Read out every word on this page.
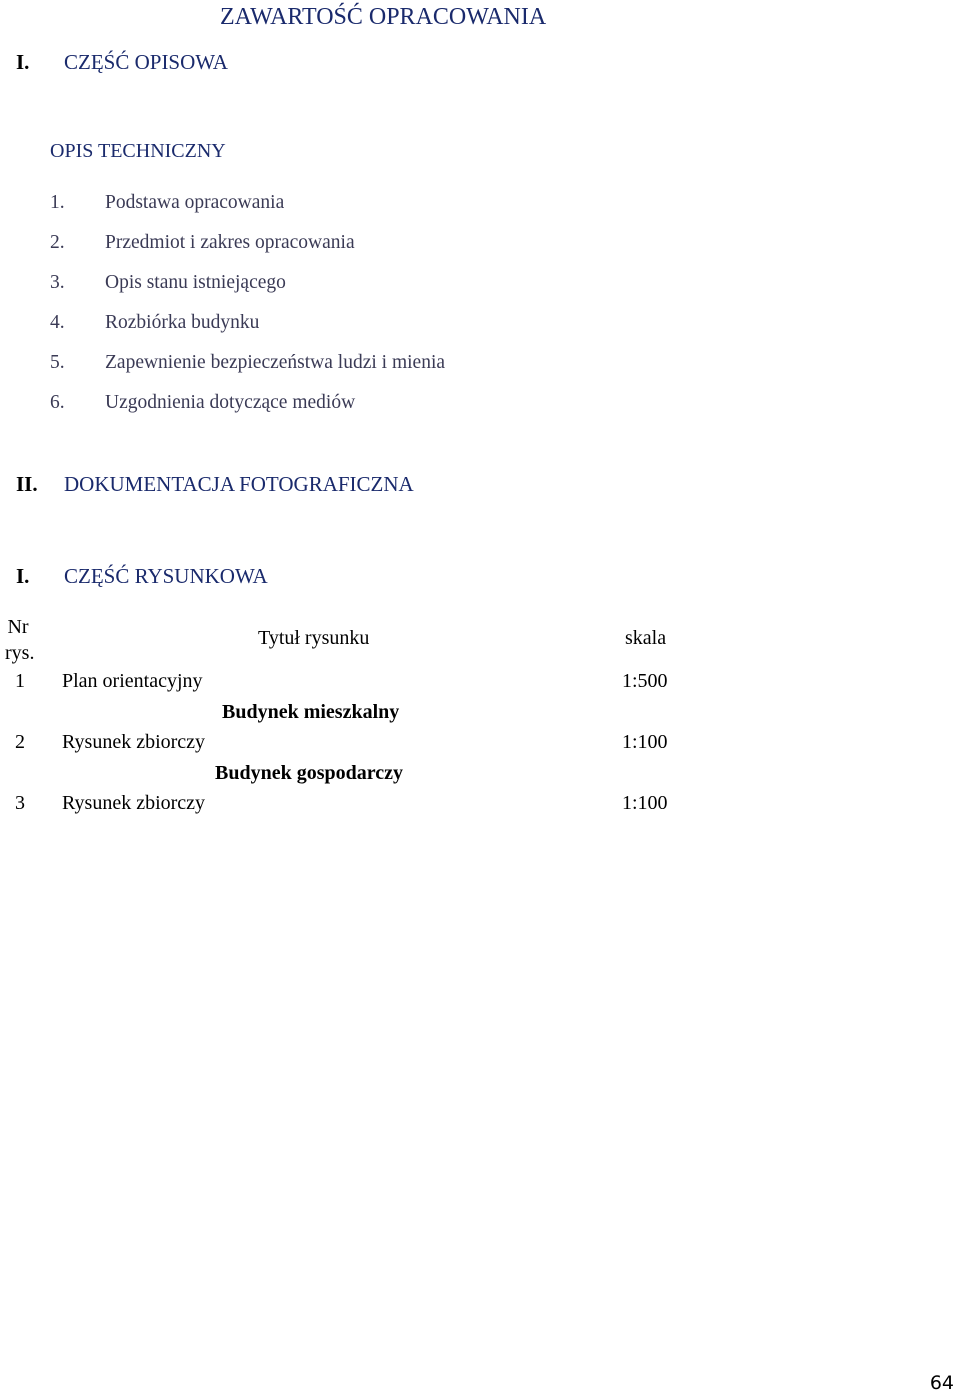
ZAWARTOŚĆ OPRACOWANIA
I. CZĘŚĆ OPISOWA
OPIS TECHNICZNY
1. Podstawa opracowania
2. Przedmiot i zakres opracowania
3. Opis stanu istniejącego
4. Rozbiórka budynku
5. Zapewnienie bezpieczeństwa ludzi i mienia
6. Uzgodnienia dotyczące mediów
II. DOKUMENTACJA FOTOGRAFICZNA
I. CZĘŚĆ RYSUNKOWA
Nr
rys.
Tytuł rysunku	skala
1 Plan orientacyjny	1:500
Budynek mieszkalny
2 Rysunek zbiorczy	1:100
Budynek gospodarczy
3 Rysunek zbiorczy	1:100
64
